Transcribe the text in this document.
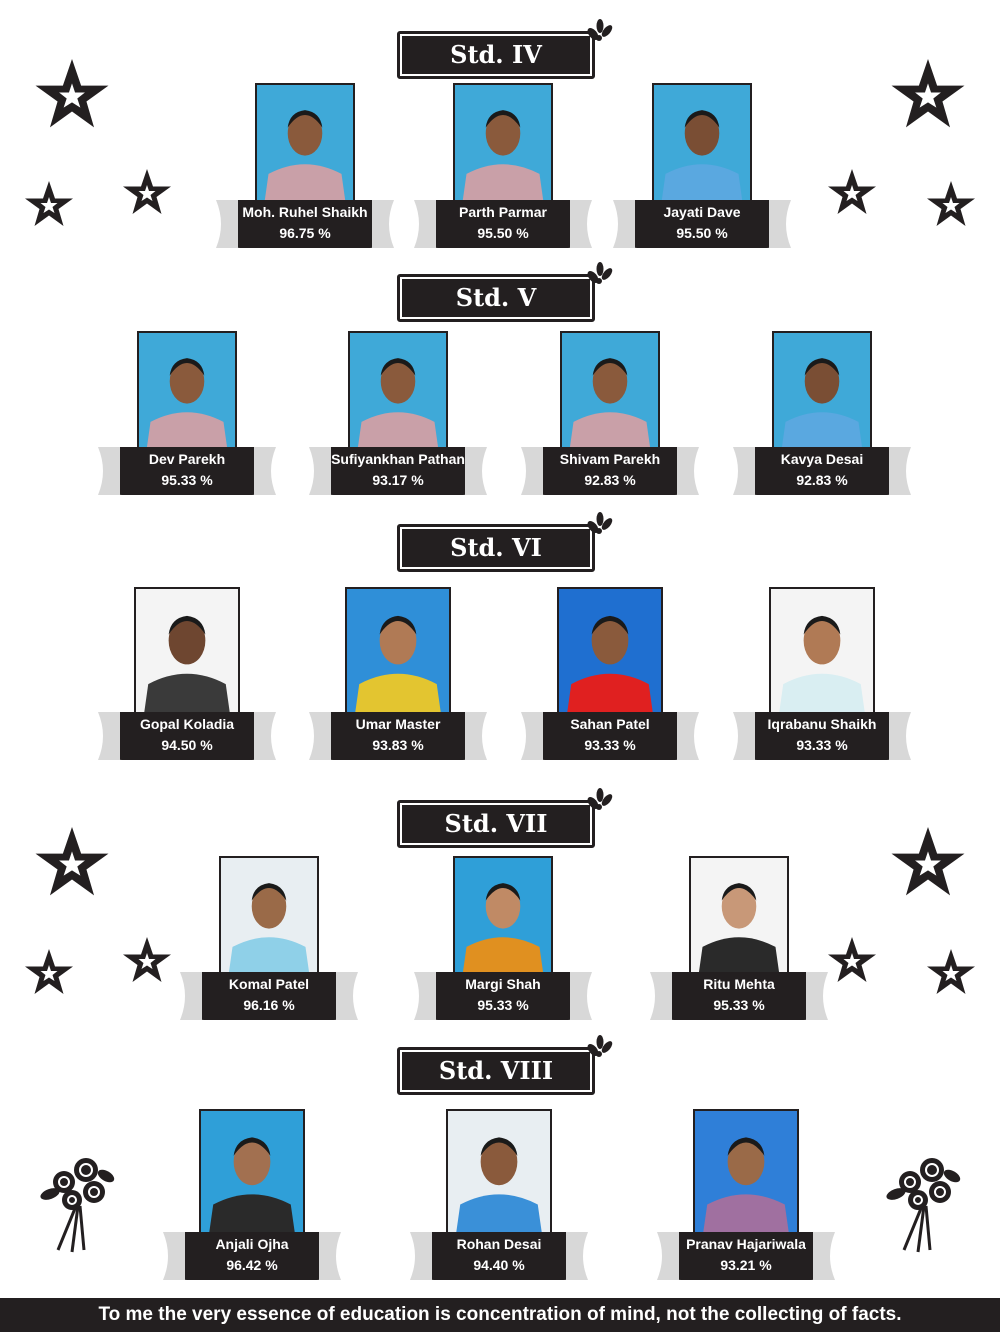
Std. IV
Moh. Ruhel Shaikh
96.75 %
Parth Parmar
95.50 %
Jayati Dave
95.50 %
Std. V
Dev Parekh
95.33 %
Sufiyankhan Pathan
93.17 %
Shivam Parekh
92.83 %
Kavya Desai
92.83 %
Std. VI
Gopal Koladia
94.50 %
Umar Master
93.83 %
Sahan Patel
93.33 %
Iqrabanu Shaikh
93.33 %
Std. VII
Komal Patel
96.16 %
Margi Shah
95.33 %
Ritu Mehta
95.33 %
Std. VIII
Anjali Ojha
96.42 %
Rohan Desai
94.40 %
Pranav Hajariwala
93.21 %
To me the very essence of education is concentration of mind, not the collecting of facts.
